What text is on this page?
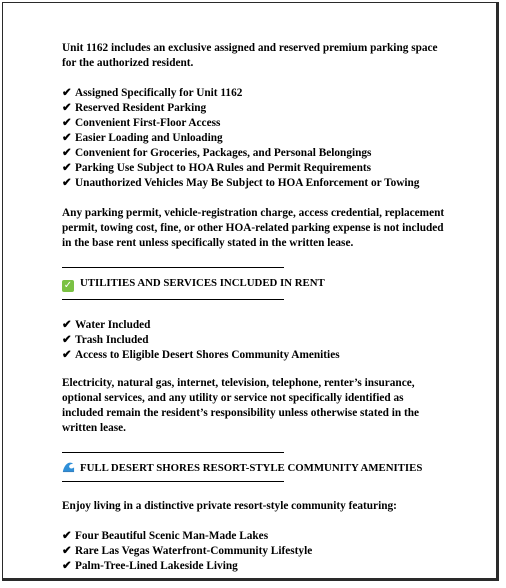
Unit 1162 includes an exclusive assigned and reserved premium parking space for the authorized resident.

✔ Assigned Specifically for Unit 1162
✔ Reserved Resident Parking
✔ Convenient First-Floor Access
✔ Easier Loading and Unloading
✔ Convenient for Groceries, Packages, and Personal Belongings
✔ Parking Use Subject to HOA Rules and Permit Requirements
✔ Unauthorized Vehicles May Be Subject to HOA Enforcement or Towing

Any parking permit, vehicle-registration charge, access credential, replacement permit, towing cost, fine, or other HOA-related parking expense is not included in the base rent unless specifically stated in the written lease.

✓ UTILITIES AND SERVICES INCLUDED IN RENT

✔ Water Included
✔ Trash Included
✔ Access to Eligible Desert Shores Community Amenities

Electricity, natural gas, internet, television, telephone, renter’s insurance, optional services, and any utility or service not specifically identified as included remain the resident’s responsibility unless otherwise stated in the written lease.

FULL DESERT SHORES RESORT-STYLE COMMUNITY AMENITIES

Enjoy living in a distinctive private resort-style community featuring:

✔ Four Beautiful Scenic Man-Made Lakes
✔ Rare Las Vegas Waterfront-Community Lifestyle
✔ Palm-Tree-Lined Lakeside Living
